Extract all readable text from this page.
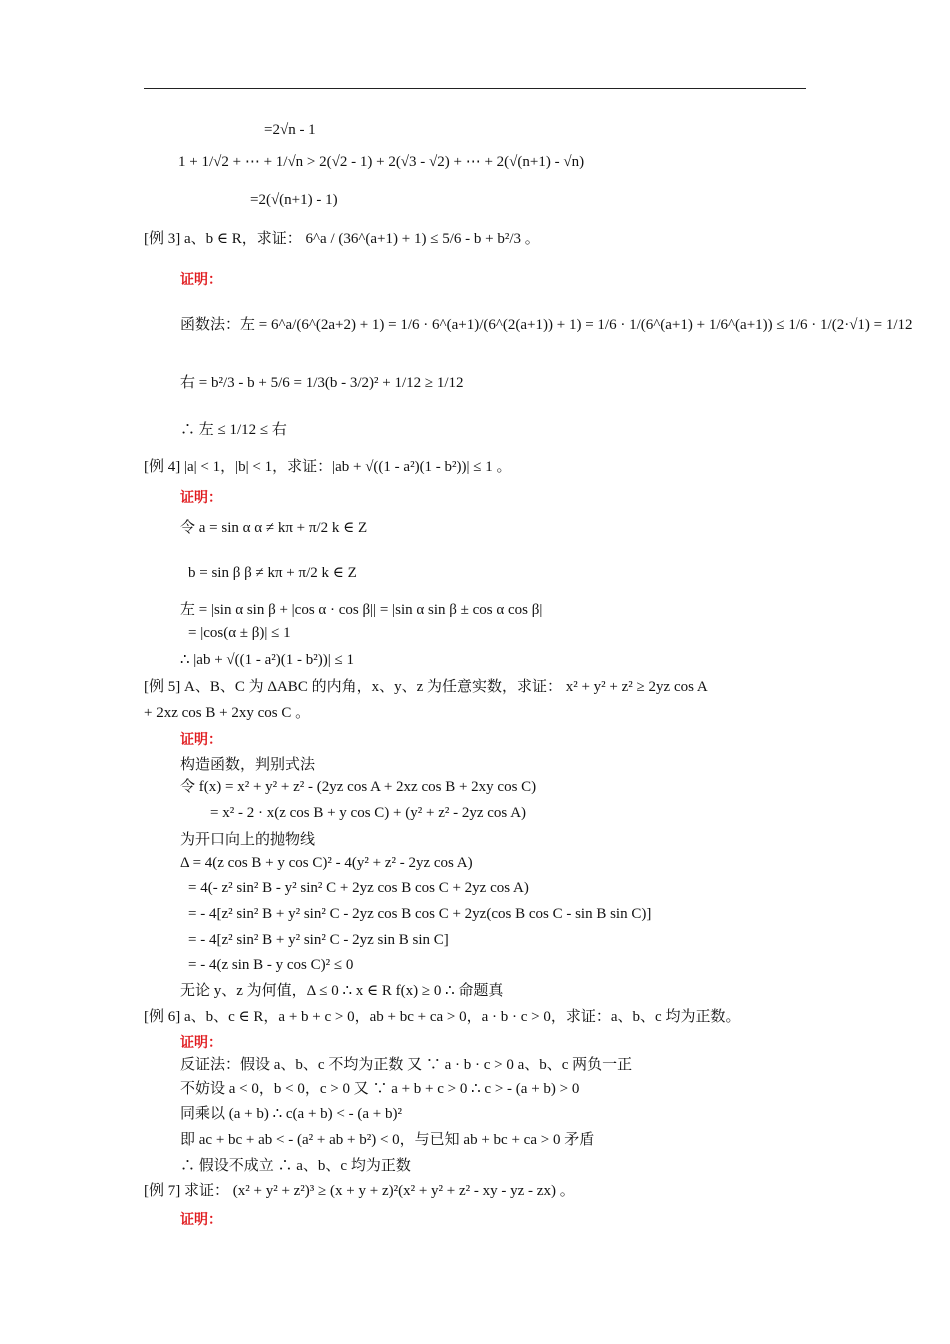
=2√n - 1
1 + 1/√2 + ⋯ + 1/√n > 2(√2 - 1) + 2(√3 - √2) + ⋯ + 2(√(n+1) - √n)
=2(√(n+1) - 1)
[例 3] a、b ∈ R，求证： 6^a / (36^(a+1) + 1) ≤ 5/6 - b + b²/3 。
证明：
函数法：左 = 6^a/(6^(2a+2) + 1) = 1/6 · 6^(a+1)/(6^(2(a+1)) + 1) = 1/6 · 1/(6^(a+1) + 1/6^(a+1)) ≤ 1/6 · 1/(2·√1) = 1/12
右 = b²/3 - b + 5/6 = 1/3(b - 3/2)² + 1/12 ≥ 1/12
∴ 左 ≤ 1/12 ≤ 右
[例 4] |a| < 1，|b| < 1，求证：|ab + √((1 - a²)(1 - b²))| ≤ 1 。
证明：
令 a = sin α α ≠ kπ + π/2 k ∈ Z
b = sin β β ≠ kπ + π/2 k ∈ Z
左 = |sin α sin β + |cos α · cos β|| = |sin α sin β ± cos α cos β|
= |cos(α ± β)| ≤ 1
∴ |ab + √((1 - a²)(1 - b²))| ≤ 1
[例 5] A、B、C 为 ΔABC 的内角，x、y、z 为任意实数，求证： x² + y² + z² ≥ 2yz cos A
+ 2xz cos B + 2xy cos C 。
证明：
构造函数，判别式法
令 f(x) = x² + y² + z² - (2yz cos A + 2xz cos B + 2xy cos C)
= x² - 2 · x(z cos B + y cos C) + (y² + z² - 2yz cos A)
为开口向上的抛物线
Δ = 4(z cos B + y cos C)² - 4(y² + z² - 2yz cos A)
= 4(- z² sin² B - y² sin² C + 2yz cos B cos C + 2yz cos A)
= - 4[z² sin² B + y² sin² C - 2yz cos B cos C + 2yz(cos B cos C - sin B sin C)]
= - 4[z² sin² B + y² sin² C - 2yz sin B sin C]
= - 4(z sin B - y cos C)² ≤ 0
无论 y、z 为何值，Δ ≤ 0 ∴ x ∈ R f(x) ≥ 0 ∴ 命题真
[例 6] a、b、c ∈ R，a + b + c > 0，ab + bc + ca > 0，a · b · c > 0，求证：a、b、c 均为正数。
证明：
反证法：假设 a、b、c 不均为正数 又 ∵ a · b · c > 0 a、b、c 两负一正
不妨设 a < 0，b < 0，c > 0 又 ∵ a + b + c > 0 ∴ c > - (a + b) > 0
同乘以 (a + b) ∴ c(a + b) < - (a + b)²
即 ac + bc + ab < - (a² + ab + b²) < 0，与已知 ab + bc + ca > 0 矛盾
∴ 假设不成立 ∴ a、b、c 均为正数
[例 7] 求证： (x² + y² + z²)³ ≥ (x + y + z)²(x² + y² + z² - xy - yz - zx) 。
证明：
